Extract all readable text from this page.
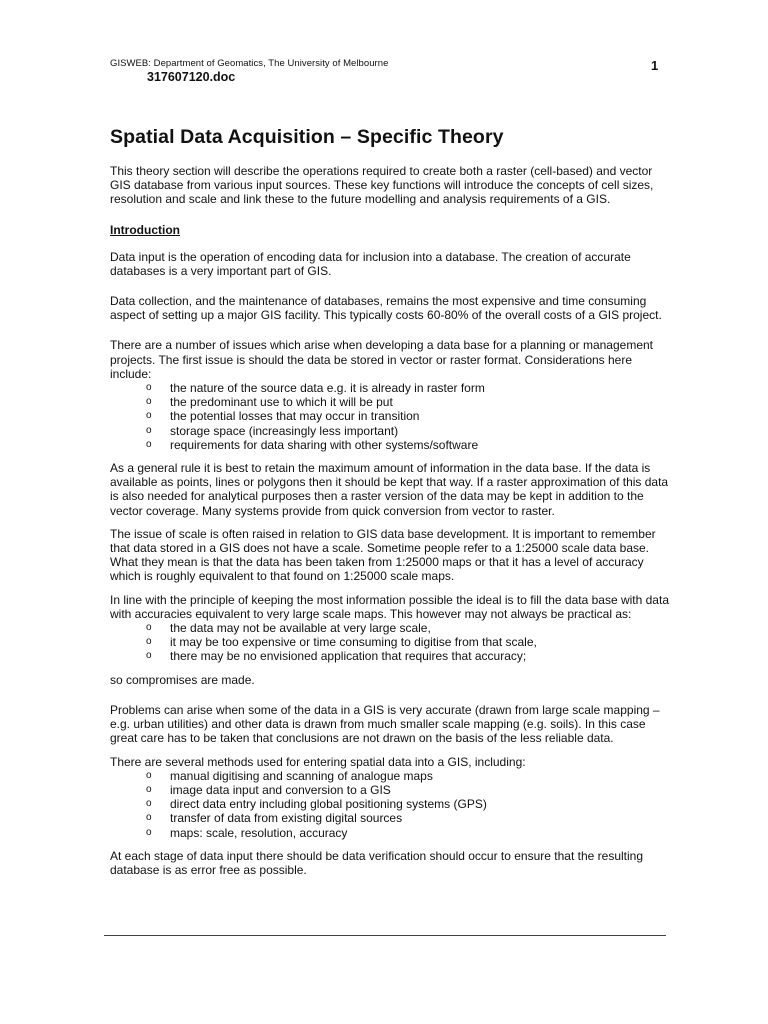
GISWEB: Department of Geomatics, The University of Melbourne
317607120.doc
1
Spatial Data Acquisition – Specific Theory

This theory section will describe the operations required to create both a raster (cell-based) and vector GIS database from various input sources. These key functions will introduce the concepts of cell sizes, resolution and scale and link these to the future modelling and analysis requirements of a GIS.

Introduction

Data input is the operation of encoding data for inclusion into a database. The creation of accurate databases is a very important part of GIS.

Data collection, and the maintenance of databases, remains the most expensive and time consuming aspect of setting up a major GIS facility. This typically costs 60-80% of the overall costs of a GIS project.

There are a number of issues which arise when developing a data base for a planning or management projects. The first issue is should the data be stored in vector or raster format. Considerations here include:

o the nature of the source data e.g. it is already in raster form
o the predominant use to which it will be put
o the potential losses that may occur in transition
o storage space (increasingly less important)
o requirements for data sharing with other systems/software

As a general rule it is best to retain the maximum amount of information in the data base. If the data is available as points, lines or polygons then it should be kept that way. If a raster approximation of this data is also needed for analytical purposes then a raster version of the data may be kept in addition to the vector coverage. Many systems provide from quick conversion from vector to raster.

The issue of scale is often raised in relation to GIS data base development. It is important to remember that data stored in a GIS does not have a scale. Sometime people refer to a 1:25000 scale data base. What they mean is that the data has been taken from 1:25000 maps or that it has a level of accuracy which is roughly equivalent to that found on 1:25000 scale maps.

In line with the principle of keeping the most information possible the ideal is to fill the data base with data with accuracies equivalent to very large scale maps. This however may not always be practical as:

o the data may not be available at very large scale,
o it may be too expensive or time consuming to digitise from that scale,
o there may be no envisioned application that requires that accuracy;

so compromises are made.

Problems can arise when some of the data in a GIS is very accurate (drawn from large scale mapping – e.g. urban utilities) and other data is drawn from much smaller scale mapping (e.g. soils). In this case great care has to be taken that conclusions are not drawn on the basis of the less reliable data.

There are several methods used for entering spatial data into a GIS, including:

o manual digitising and scanning of analogue maps
o image data input and conversion to a GIS
o direct data entry including global positioning systems (GPS)
o transfer of data from existing digital sources
o maps: scale, resolution, accuracy

At each stage of data input there should be data verification should occur to ensure that the resulting database is as error free as possible.
